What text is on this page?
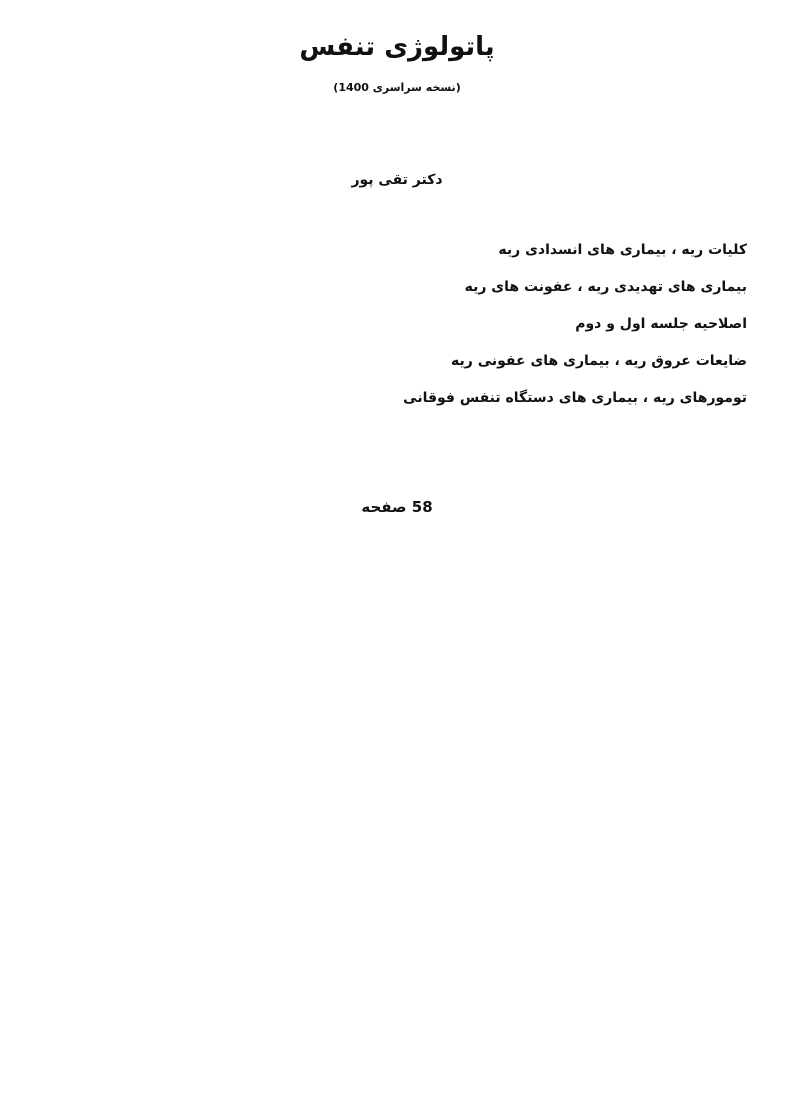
پاتولوژی تنفس
(نسخه سراسری 1400)
دکتر تقی پور
کلیات ریه ، بیماری های انسدادی ریه
بیماری های تهدیدی ریه ، عفونت های ریه
اصلاحیه جلسه اول و دوم
ضایعات عروق ریه ، بیماری های عفونی ریه
تومورهای ریه ، بیماری های دستگاه تنفس فوقانی
58 صفحه
